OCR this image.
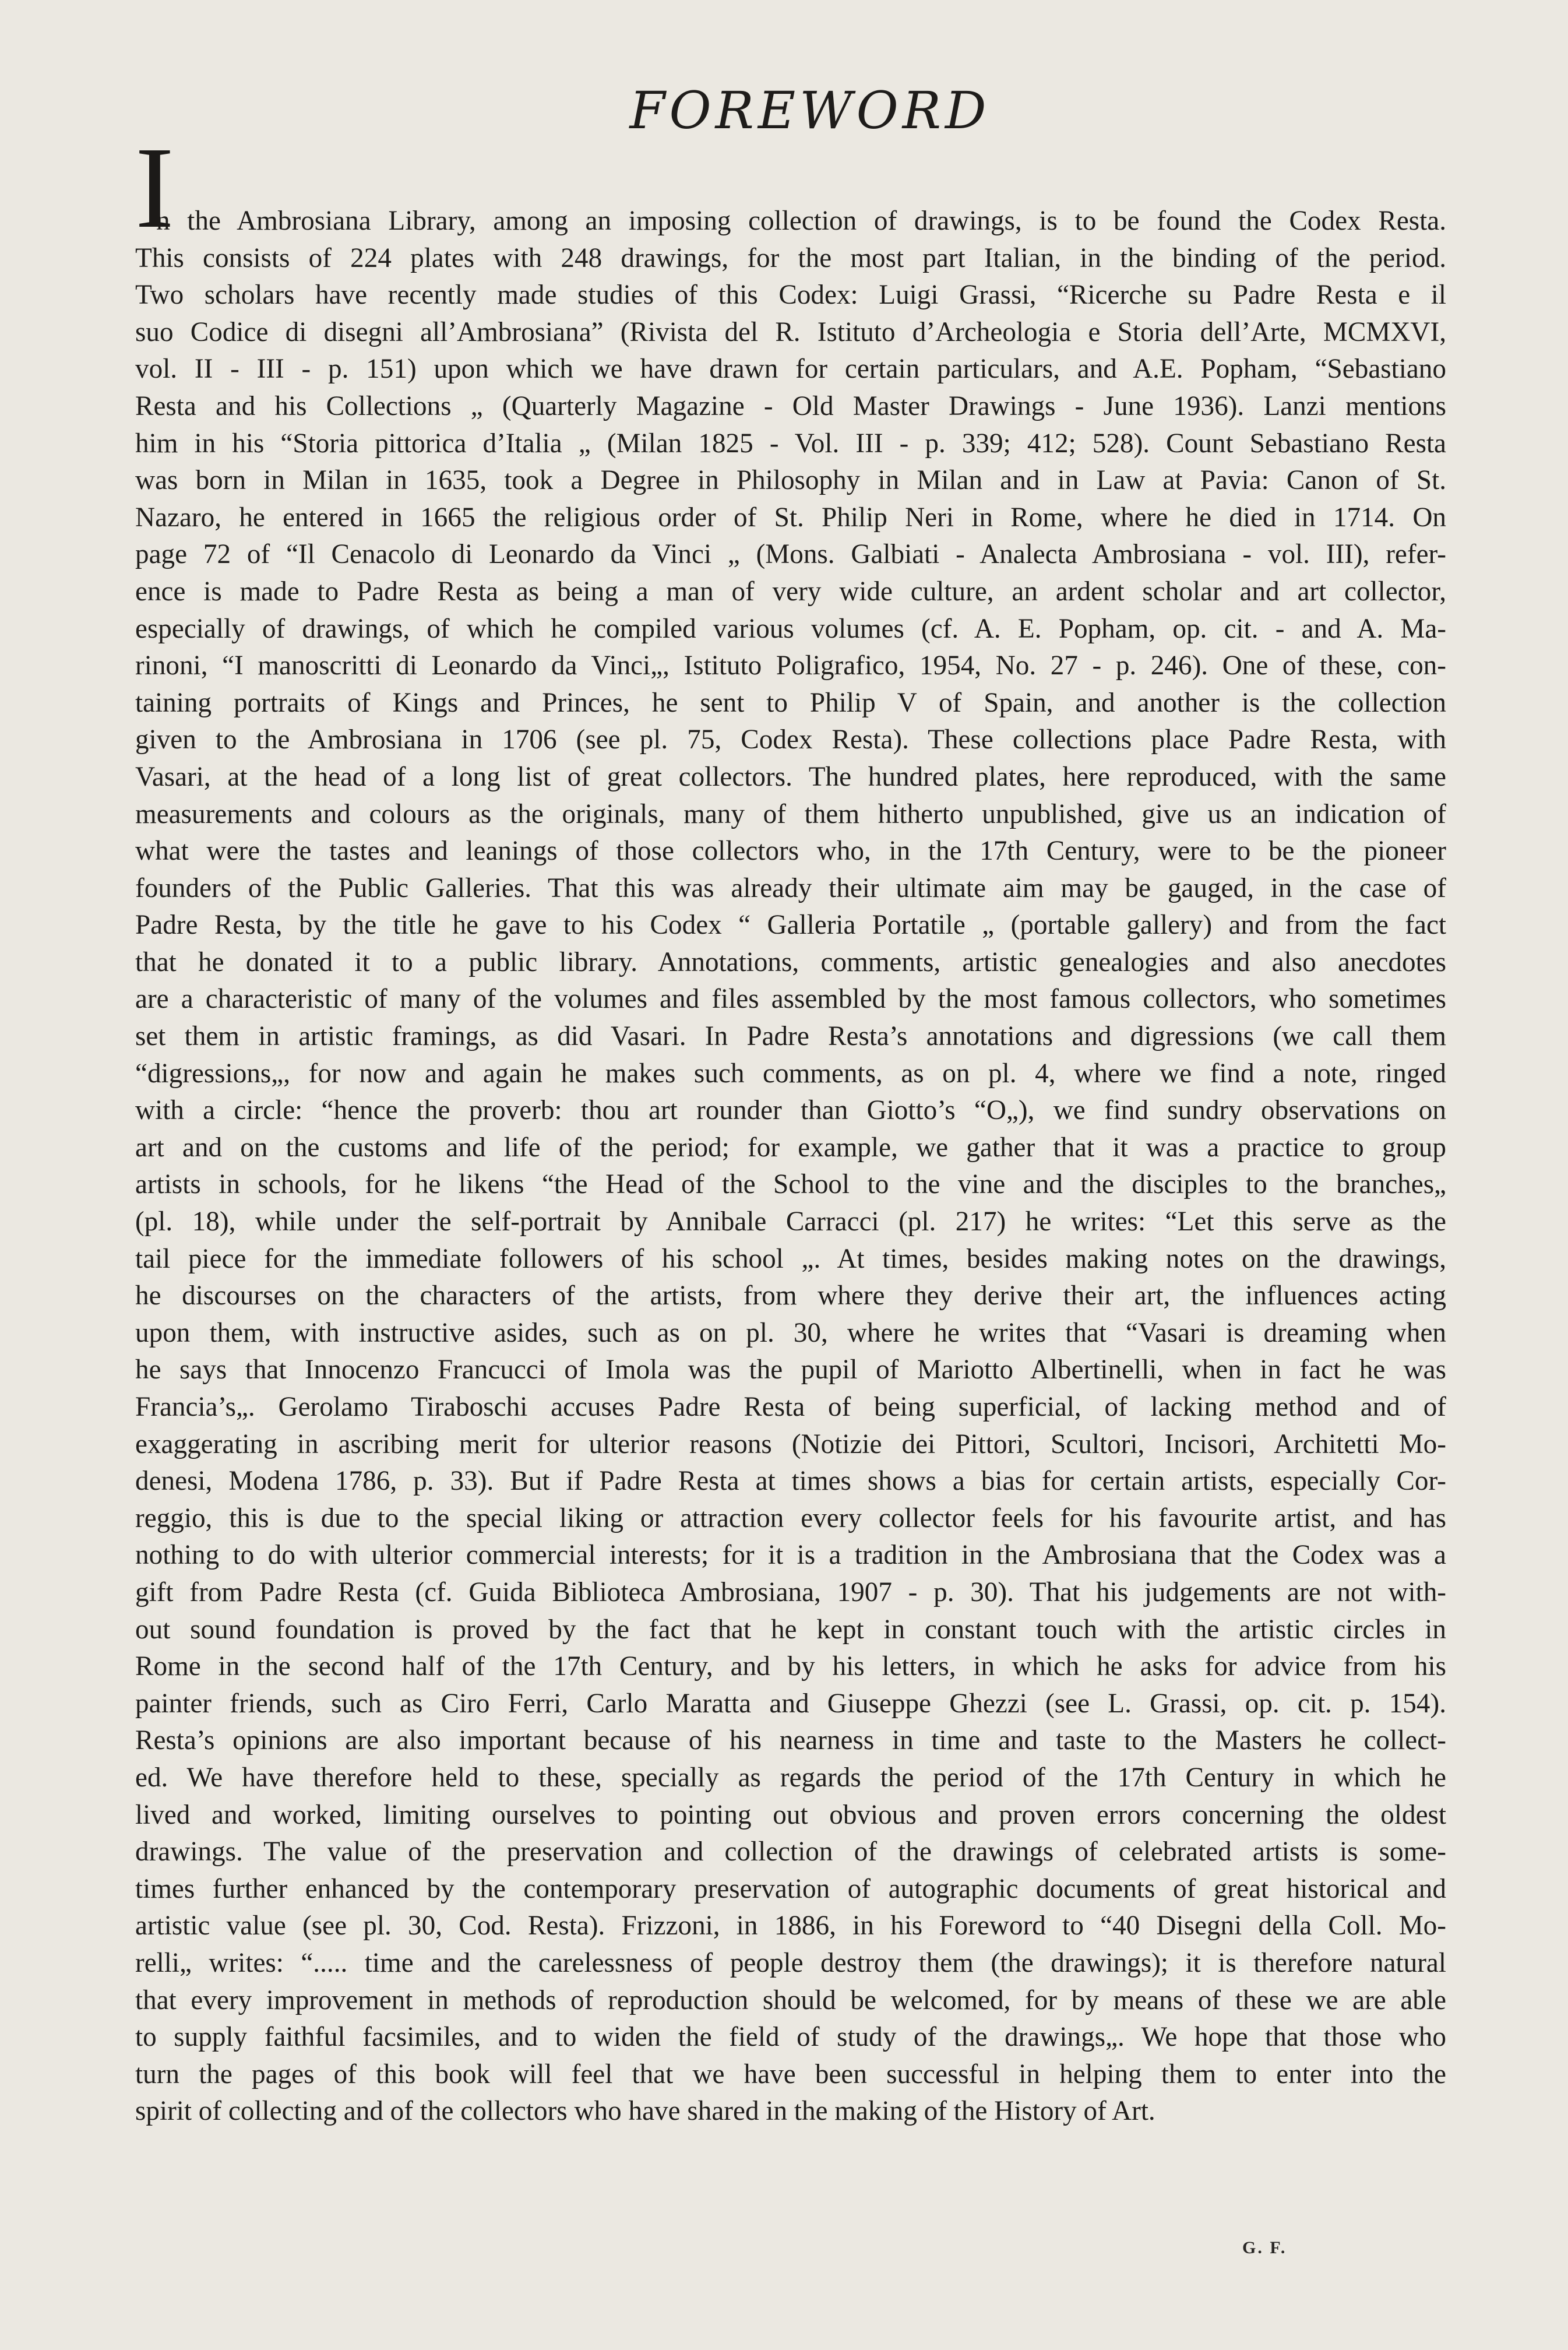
FOREWORD
I
n the Ambrosiana Library, among an imposing collection of drawings, is to be found the Codex Resta.
This consists of 224 plates with 248 drawings, for the most part Italian, in the binding of the period.
Two scholars have recently made studies of this Codex: Luigi Grassi, “Ricerche su Padre Resta e il
suo Codice di disegni all’Ambrosiana” (Rivista del R. Istituto d’Archeologia e Storia dell’Arte, MCMXVI,
vol. II - III - p. 151) upon which we have drawn for certain particulars, and A.E. Popham, “Sebastiano
Resta and his Collections „ (Quarterly Magazine - Old Master Drawings - June 1936). Lanzi mentions
him in his “Storia pittorica d’Italia „ (Milan 1825 - Vol. III - p. 339; 412; 528). Count Sebastiano Resta
was born in Milan in 1635, took a Degree in Philosophy in Milan and in Law at Pavia: Canon of St.
Nazaro, he entered in 1665 the religious order of St. Philip Neri in Rome, where he died in 1714. On
page 72 of “Il Cenacolo di Leonardo da Vinci „ (Mons. Galbiati - Analecta Ambrosiana - vol. III), refer-
ence is made to Padre Resta as being a man of very wide culture, an ardent scholar and art collector,
especially of drawings, of which he compiled various volumes (cf. A. E. Popham, op. cit. - and A. Ma-
rinoni, “I manoscritti di Leonardo da Vinci„, Istituto Poligrafico, 1954, No. 27 - p. 246). One of these, con-
taining portraits of Kings and Princes, he sent to Philip V of Spain, and another is the collection
given to the Ambrosiana in 1706 (see pl. 75, Codex Resta). These collections place Padre Resta, with
Vasari, at the head of a long list of great collectors. The hundred plates, here reproduced, with the same
measurements and colours as the originals, many of them hitherto unpublished, give us an indication of
what were the tastes and leanings of those collectors who, in the 17th Century, were to be the pioneer
founders of the Public Galleries. That this was already their ultimate aim may be gauged, in the case of
Padre Resta, by the title he gave to his Codex “ Galleria Portatile „ (portable gallery) and from the fact
that he donated it to a public library. Annotations, comments, artistic genealogies and also anecdotes
are a characteristic of many of the volumes and files assembled by the most famous collectors, who sometimes
set them in artistic framings, as did Vasari. In Padre Resta’s annotations and digressions (we call them
“digressions„, for now and again he makes such comments, as on pl. 4, where we find a note, ringed
with a circle: “hence the proverb: thou art rounder than Giotto’s “O„), we find sundry observations on
art and on the customs and life of the period; for example, we gather that it was a practice to group
artists in schools, for he likens “the Head of the School to the vine and the disciples to the branches„
(pl. 18), while under the self-portrait by Annibale Carracci (pl. 217) he writes: “Let this serve as the
tail piece for the immediate followers of his school „. At times, besides making notes on the drawings,
he discourses on the characters of the artists, from where they derive their art, the influences acting
upon them, with instructive asides, such as on pl. 30, where he writes that “Vasari is dreaming when
he says that Innocenzo Francucci of Imola was the pupil of Mariotto Albertinelli, when in fact he was
Francia’s„. Gerolamo Tiraboschi accuses Padre Resta of being superficial, of lacking method and of
exaggerating in ascribing merit for ulterior reasons (Notizie dei Pittori, Scultori, Incisori, Architetti Mo-
denesi, Modena 1786, p. 33). But if Padre Resta at times shows a bias for certain artists, especially Cor-
reggio, this is due to the special liking or attraction every collector feels for his favourite artist, and has
nothing to do with ulterior commercial interests; for it is a tradition in the Ambrosiana that the Codex was a
gift from Padre Resta (cf. Guida Biblioteca Ambrosiana, 1907 - p. 30). That his judgements are not with-
out sound foundation is proved by the fact that he kept in constant touch with the artistic circles in
Rome in the second half of the 17th Century, and by his letters, in which he asks for advice from his
painter friends, such as Ciro Ferri, Carlo Maratta and Giuseppe Ghezzi (see L. Grassi, op. cit. p. 154).
Resta’s opinions are also important because of his nearness in time and taste to the Masters he collect-
ed. We have therefore held to these, specially as regards the period of the 17th Century in which he
lived and worked, limiting ourselves to pointing out obvious and proven errors concerning the oldest
drawings. The value of the preservation and collection of the drawings of celebrated artists is some-
times further enhanced by the contemporary preservation of autographic documents of great historical and
artistic value (see pl. 30, Cod. Resta). Frizzoni, in 1886, in his Foreword to “40 Disegni della Coll. Mo-
relli„ writes: “..... time and the carelessness of people destroy them (the drawings); it is therefore natural
that every improvement in methods of reproduction should be welcomed, for by means of these we are able
to supply faithful facsimiles, and to widen the field of study of the drawings„. We hope that those who
turn the pages of this book will feel that we have been successful in helping them to enter into the
spirit of collecting and of the collectors who have shared in the making of the History of Art.
G. F.
